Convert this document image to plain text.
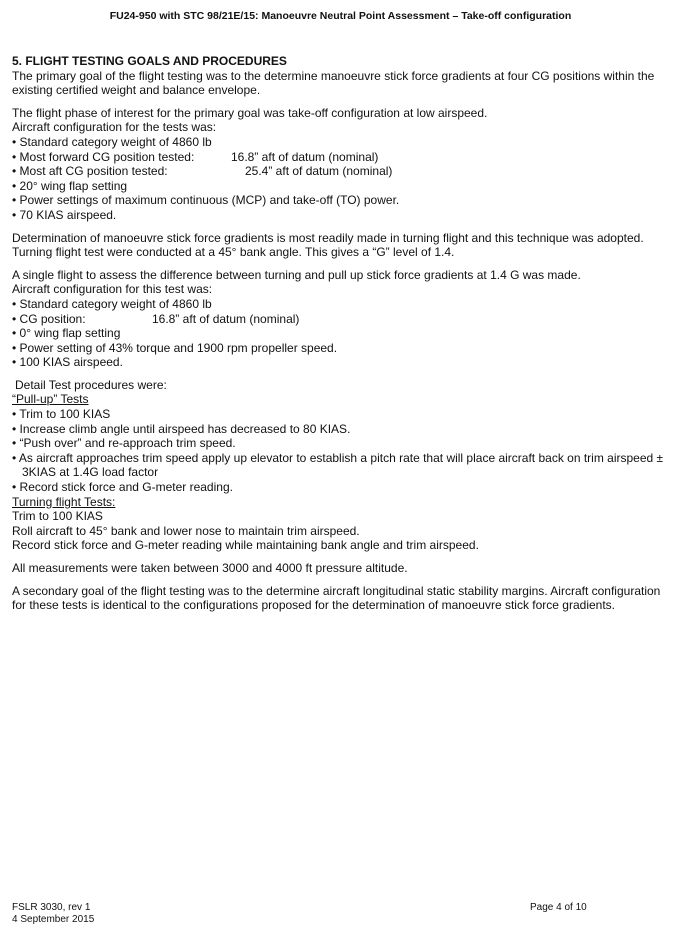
FU24-950 with STC 98/21E/15: Manoeuvre Neutral Point Assessment – Take-off configuration

5. FLIGHT TESTING GOALS AND PROCEDURES

The primary goal of the flight testing was to the determine manoeuvre stick force gradients at four CG positions within the existing certified weight and balance envelope.

The flight phase of interest for the primary goal was take-off configuration at low airspeed.

Aircraft configuration for the tests was:

• Standard category weight of 4860 lb

• Most forward CG position tested:	16.8” aft of datum (nominal)
• Most aft CG position tested:	25.4” aft of datum (nominal)

• 20° wing flap setting

• Power settings of maximum continuous (MCP) and take-off (TO) power.

• 70 KIAS airspeed.

Determination of manoeuvre stick force gradients is most readily made in turning flight and this technique was adopted. Turning flight test were conducted at a 45° bank angle. This gives a “G” level of 1.4.

A single flight to assess the difference between turning and pull up stick force gradients at 1.4 G was made.

Aircraft configuration for this test was:

• Standard category weight of 4860 lb

• CG position:	16.8” aft of datum (nominal)

• 0° wing flap setting

• Power setting of 43% torque and 1900 rpm propeller speed.

• 100 KIAS airspeed.

Detail Test procedures were:

“Pull-up” Tests

• Trim to 100 KIAS

• Increase climb angle until airspeed has decreased to 80 KIAS.

• “Push over” and re-approach trim speed.

• As aircraft approaches trim speed apply up elevator to establish a pitch rate that will place aircraft back on trim airspeed ± 3KIAS at 1.4G load factor

• Record stick force and G-meter reading.

Turning flight Tests:

Trim to 100 KIAS

Roll aircraft to 45° bank and lower nose to maintain trim airspeed.

Record stick force and G-meter reading while maintaining bank angle and trim airspeed.

All measurements were taken between 3000 and 4000 ft pressure altitude.

A secondary goal of the flight testing was to the determine aircraft longitudinal static stability margins. Aircraft configuration for these tests is identical to the configurations proposed for the determination of manoeuvre stick force gradients.

FSLR 3030, rev 1
4 September 2015
Page 4 of 10
